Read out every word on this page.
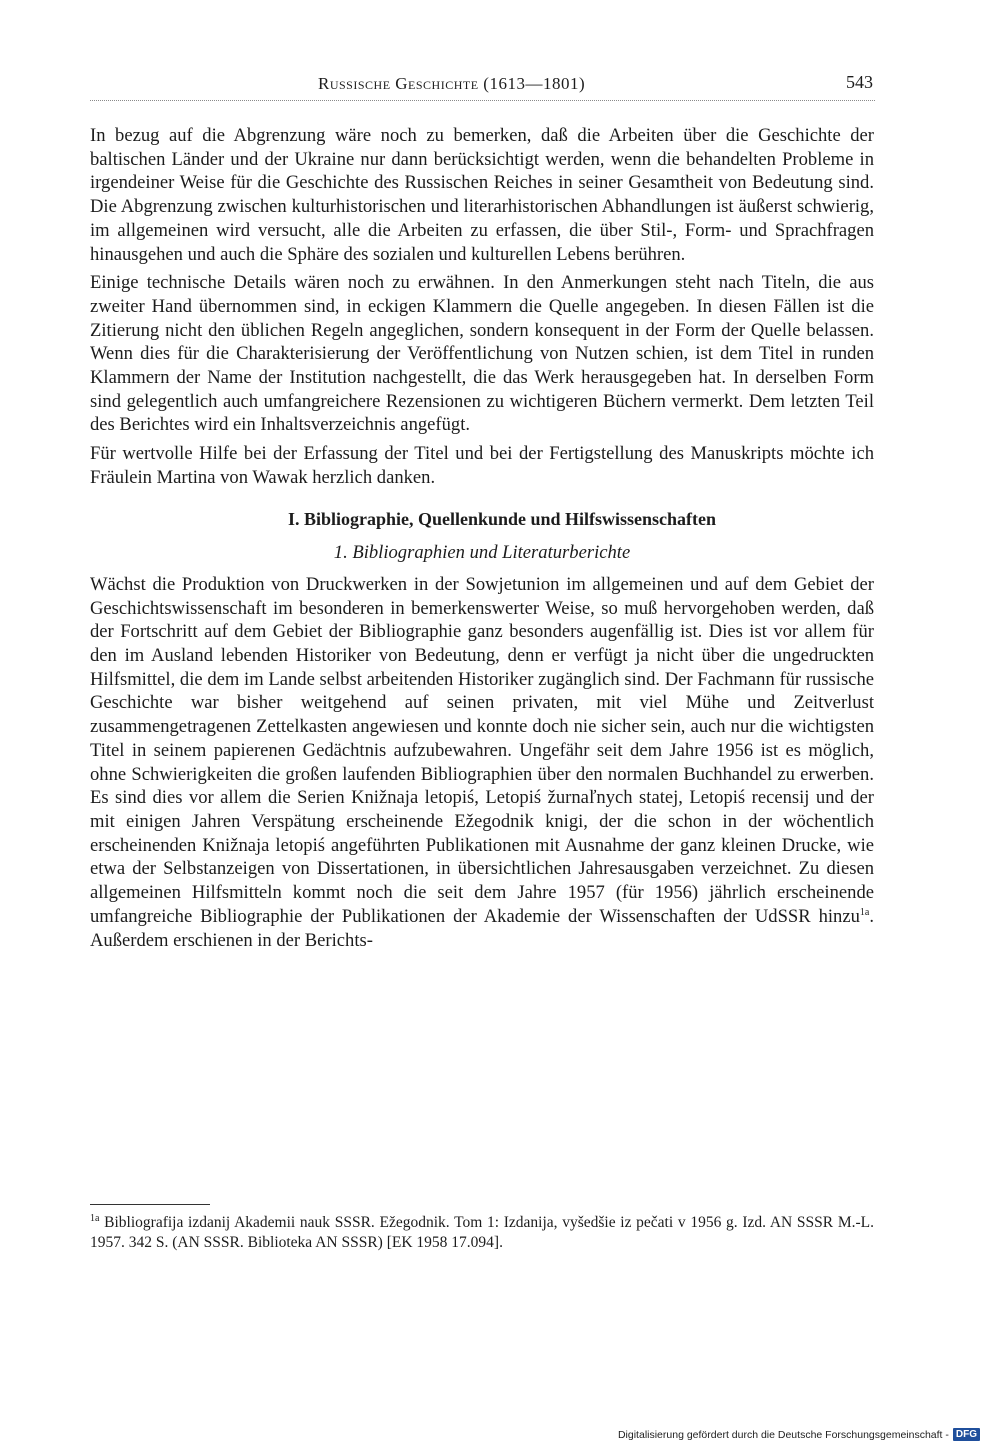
Russische Geschichte (1613—1801)	543

In bezug auf die Abgrenzung wäre noch zu bemerken, daß die Arbeiten über die Geschichte der baltischen Länder und der Ukraine nur dann berücksichtigt werden, wenn die behandelten Probleme in irgendeiner Weise für die Geschichte des Russischen Reiches in seiner Gesamtheit von Bedeutung sind. Die Abgrenzung zwischen kulturhistorischen und literarhistorischen Abhandlungen ist äußerst schwierig, im allgemeinen wird versucht, alle die Arbeiten zu erfassen, die über Stil-, Form- und Sprachfragen hinausgehen und auch die Sphäre des sozialen und kulturellen Lebens berühren.

Einige technische Details wären noch zu erwähnen. In den Anmerkungen steht nach Titeln, die aus zweiter Hand übernommen sind, in eckigen Klammern die Quelle angegeben. In diesen Fällen ist die Zitierung nicht den üblichen Regeln angeglichen, sondern konsequent in der Form der Quelle belassen. Wenn dies für die Charakterisierung der Veröffentlichung von Nutzen schien, ist dem Titel in runden Klammern der Name der Institution nachgestellt, die das Werk herausgegeben hat. In derselben Form sind gelegentlich auch umfangreichere Rezensionen zu wichtigeren Büchern vermerkt. Dem letzten Teil des Berichtes wird ein Inhaltsverzeichnis angefügt.

Für wertvolle Hilfe bei der Erfassung der Titel und bei der Fertigstellung des Manuskripts möchte ich Fräulein Martina von Wawak herzlich danken.

I. Bibliographie, Quellenkunde und Hilfswissenschaften
1. Bibliographien und Literaturberichte

Wächst die Produktion von Druckwerken in der Sowjetunion im allgemeinen und auf dem Gebiet der Geschichtswissenschaft im besonderen in bemerkenswerter Weise, so muß hervorgehoben werden, daß der Fortschritt auf dem Gebiet der Bibliographie ganz besonders augenfällig ist. Dies ist vor allem für den im Ausland lebenden Historiker von Bedeutung, denn er verfügt ja nicht über die ungedruckten Hilfsmittel, die dem im Lande selbst arbeitenden Historiker zugänglich sind. Der Fachmann für russische Geschichte war bisher weitgehend auf seinen privaten, mit viel Mühe und Zeitverlust zusammengetragenen Zettelkasten angewiesen und konnte doch nie sicher sein, auch nur die wichtigsten Titel in seinem papierenen Gedächtnis aufzubewahren. Ungefähr seit dem Jahre 1956 ist es möglich, ohne Schwierigkeiten die großen laufenden Bibliographien über den normalen Buchhandel zu erwerben. Es sind dies vor allem die Serien Knižnaja letopiś, Letopiś žurnaľnych statej, Letopiś recensij und der mit einigen Jahren Verspätung erscheinende Ežegodnik knigi, der die schon in der wöchentlich erscheinenden Knižnaja letopiś angeführten Publikationen mit Ausnahme der ganz kleinen Drucke, wie etwa der Selbstanzeigen von Dissertationen, in übersichtlichen Jahresausgaben verzeichnet. Zu diesen allgemeinen Hilfsmitteln kommt noch die seit dem Jahre 1957 (für 1956) jährlich erscheinende umfangreiche Bibliographie der Publikationen der Akademie der Wissenschaften der UdSSR hinzu$^{1a}$. Außerdem erschienen in der Berichts-

$^{1a}$ Bibliografija izdanij Akademii nauk SSSR. Ežegodnik. Tom 1: Izdanija, vyšedšie iz pečati v 1956 g. Izd. AN SSSR M.-L. 1957. 342 S. (AN SSSR. Biblioteka AN SSSR) [EK 1958 17.094].
Digitalisierung gefördert durch die Deutsche Forschungsgemeinschaft - DFG
